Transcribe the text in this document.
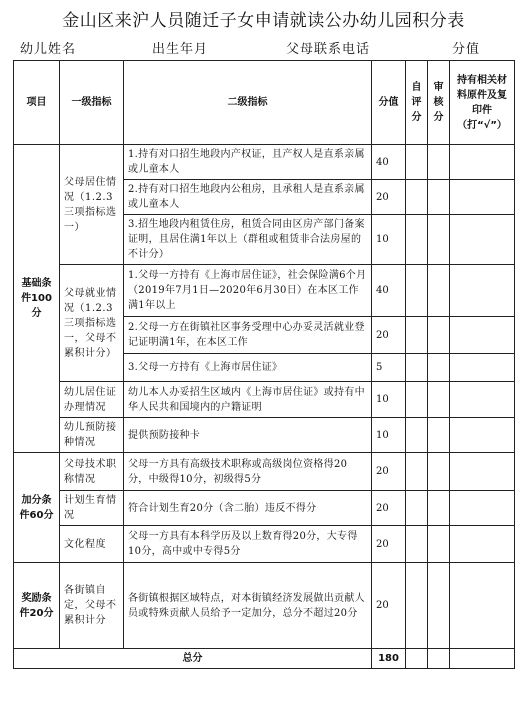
金山区来沪人员随迁子女申请就读公办幼儿园积分表
幼儿姓名	出生年月	父母联系电话	分值
项目	一级指标	二级指标	分值	自评分	审核分	持有相关材料原件及复印件（打“√”）
基础条件100分	父母居住情况（1.2.3三项指标选一）	1.持有对口招生地段内产权证，且产权人是直系亲属或儿童本人	40			
		2.持有对口招生地段内公租房，且承租人是直系亲属或儿童本人	20			
		3.招生地段内租赁住房，租赁合同由区房产部门备案证明，且居住满1年以上（群租或租赁非合法房屋的不计分）	10			
	父母就业情况（1.2.3三项指标选一，父母不累积计分）	1.父母一方持有《上海市居住证》，社会保险满6个月（2019年7月1日—2020年6月30日）在本区工作满1年以上	40			
		2.父母一方在街镇社区事务受理中心办妥灵活就业登记证明满1年，在本区工作	20			
		3.父母一方持有《上海市居住证》	5			
	幼儿居住证办理情况	幼儿本人办妥招生区域内《上海市居住证》或持有中华人民共和国境内的户籍证明	10			
	幼儿预防接种情况	提供预防接种卡	10			
加分条件60分	父母技术职称情况	父母一方具有高级技术职称或高级岗位资格得20分，中级得10分，初级得5分	20			
	计划生育情况	符合计划生育20分（含二胎）违反不得分	20			
	文化程度	父母一方具有本科学历及以上数育得20分，大专得10分，高中或中专得5分	20			
奖励条件20分	各街镇自定，父母不累积计分	各街镇根据区域特点，对本街镇经济发展做出贡献人员或特殊贡献人员给予一定加分，总分不超过20分	20			
总分			180			
